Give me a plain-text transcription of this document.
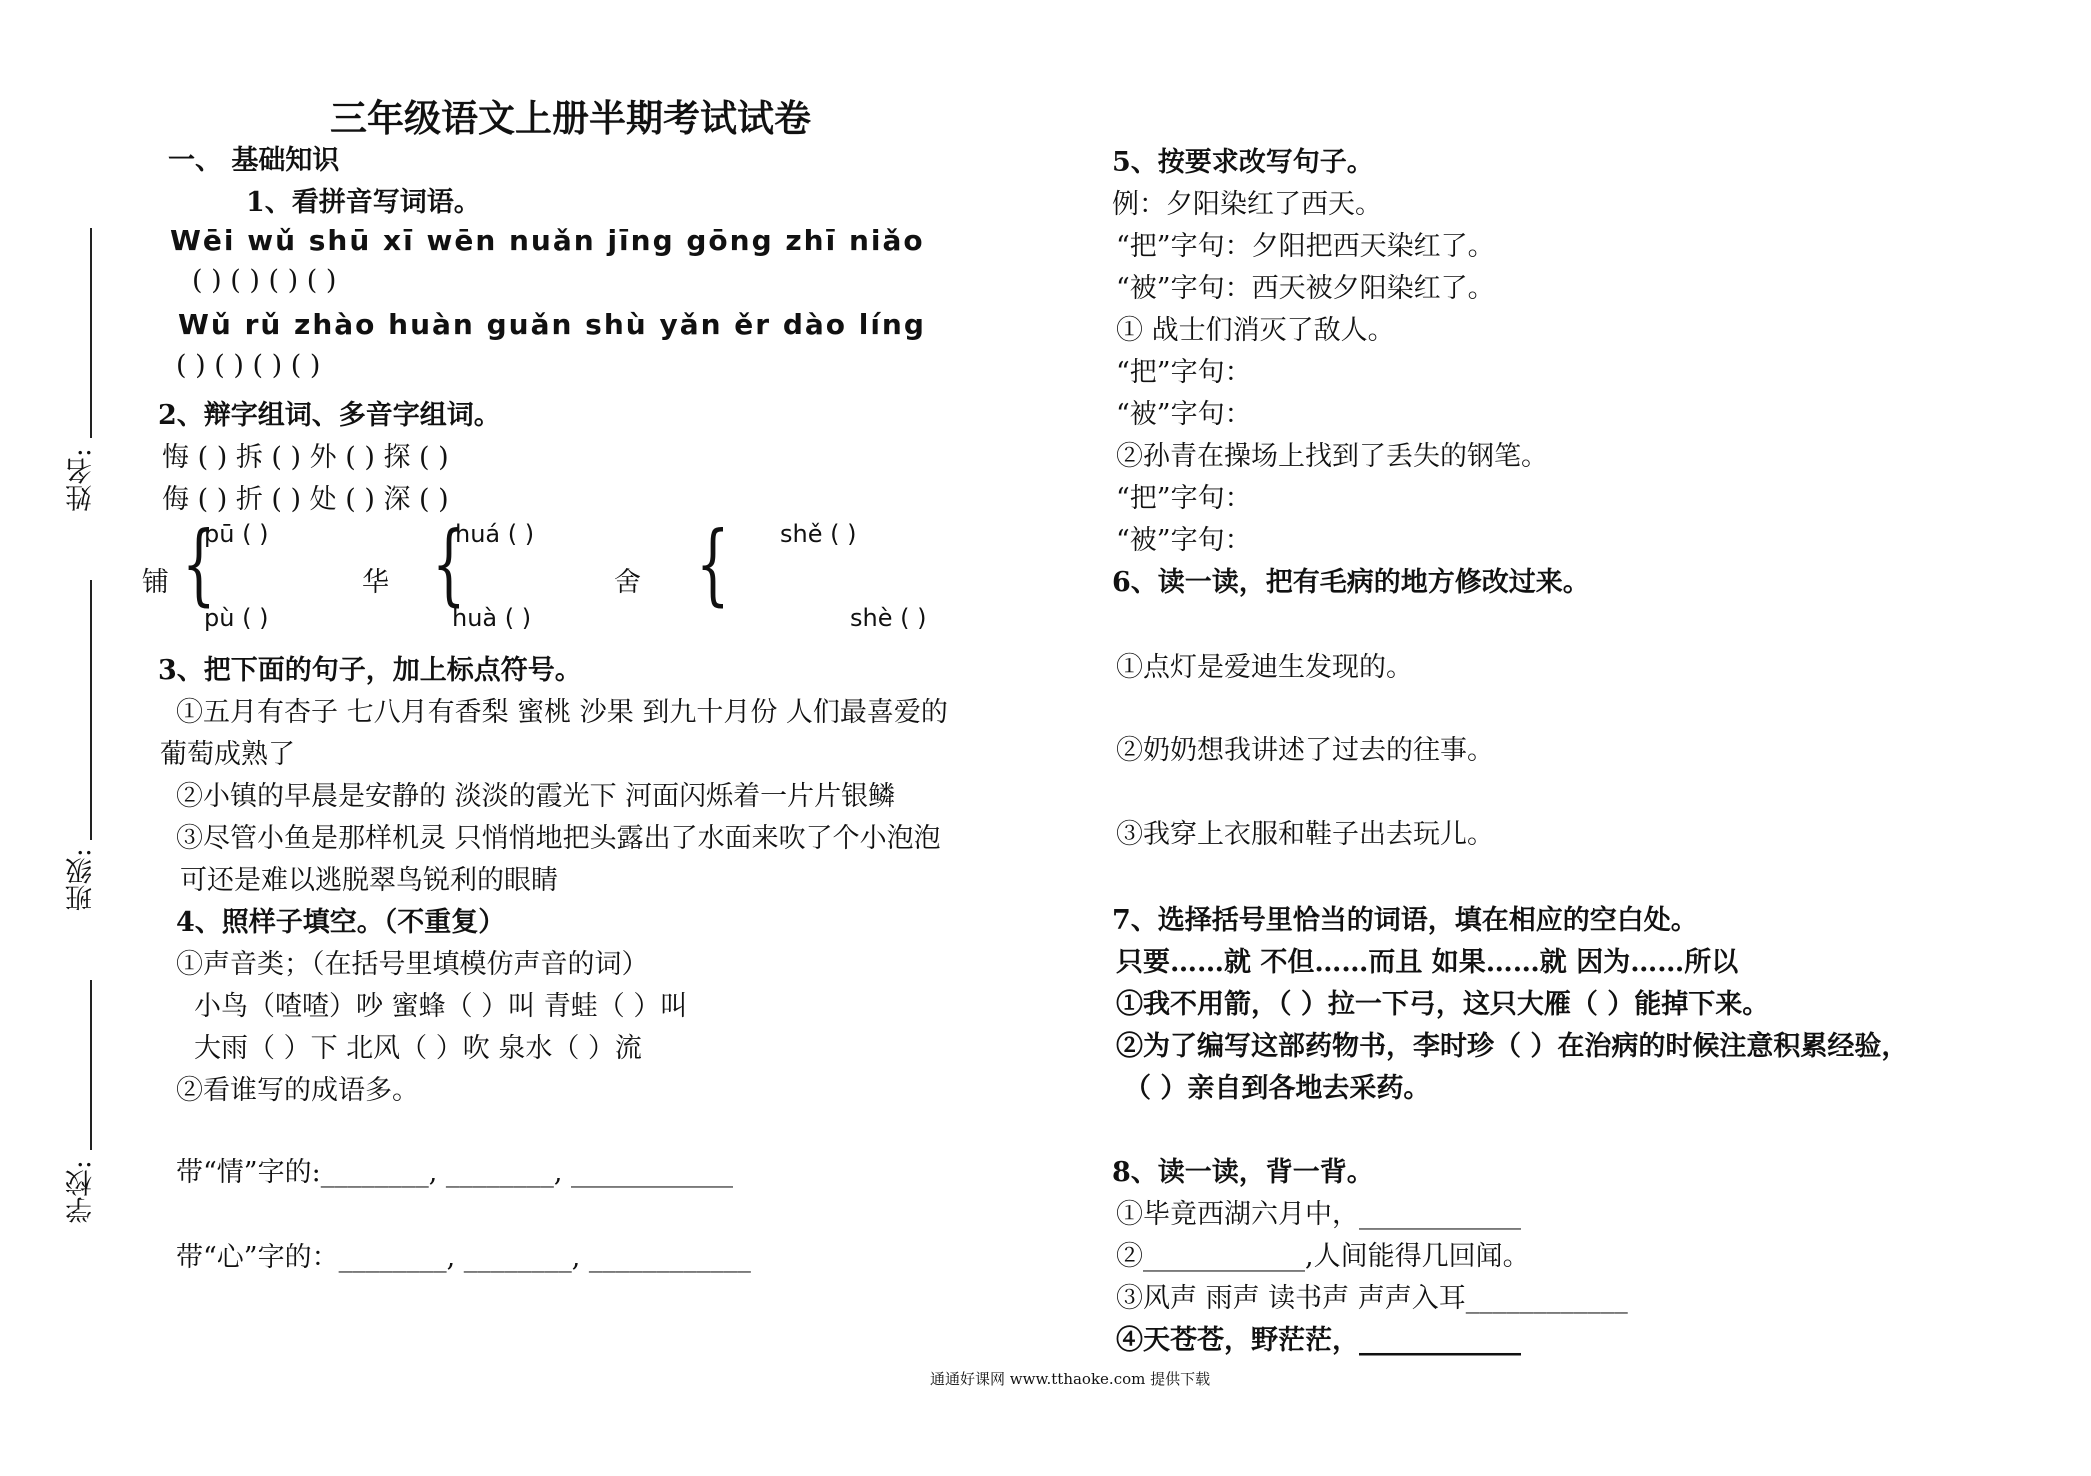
三年级语文上册半期考试试卷
姓名:
班级:
学校:
一、 基础知识
1、看拼音写词语。
Wēi wǔ shū xī wēn nuǎn jīng gōng zhī niǎo
( ) ( ) ( ) ( )
Wǔ rǔ zhào huàn guǎn shù yǎn ěr dào líng
( ) ( ) ( ) ( )
2、辩字组词、多音字组词。
悔 ( ) 拆 ( ) 外 ( ) 探 ( )
侮 ( ) 折 ( ) 处 ( ) 深 ( )
pū ( )	huá ( )	shě ( )
铺 {	华 {	舍 {
pù ( )	huà ( )	shè ( )
3、把下面的句子，加上标点符号。
①五月有杏子 七八月有香梨 蜜桃 沙果 到九十月份 人们最喜爱的
葡萄成熟了
②小镇的早晨是安静的 淡淡的霞光下 河面闪烁着一片片银鳞
③尽管小鱼是那样机灵 只悄悄地把头露出了水面来吹了个小泡泡
可还是难以逃脱翠鸟锐利的眼睛
4、照样子填空。（不重复）
①声音类；（在括号里填模仿声音的词）
小鸟（喳喳）吵 蜜蜂（ ）叫 青蛙（ ）叫
大雨（ ）下 北风（ ）吹 泉水（ ）流
②看谁写的成语多。
带“情”字的:________, ________, ____________
带“心”字的：________, ________, ____________
5、按要求改写句子。
例：夕阳染红了西天。
“把”字句：夕阳把西天染红了。
“被”字句：西天被夕阳染红了。
① 战士们消灭了敌人。
“把”字句：
“被”字句：
②孙青在操场上找到了丢失的钢笔。
“把”字句：
“被”字句：
6、读一读，把有毛病的地方修改过来。
①点灯是爱迪生发现的。
②奶奶想我讲述了过去的往事。
③我穿上衣服和鞋子出去玩儿。
7、选择括号里恰当的词语，填在相应的空白处。
只要……就 不但……而且 如果……就 因为……所以
①我不用箭，（ ）拉一下弓，这只大雁（ ）能掉下来。
②为了编写这部药物书，李时珍（ ）在治病的时候注意积累经验，
（ ）亲自到各地去采药。
8、读一读，背一背。
①毕竟西湖六月中，____________
②____________,人间能得几回闻。
③风声 雨声 读书声 声声入耳____________
④天苍苍，野茫茫，____________
通通好课网 www.tthaoke.com 提供下载
